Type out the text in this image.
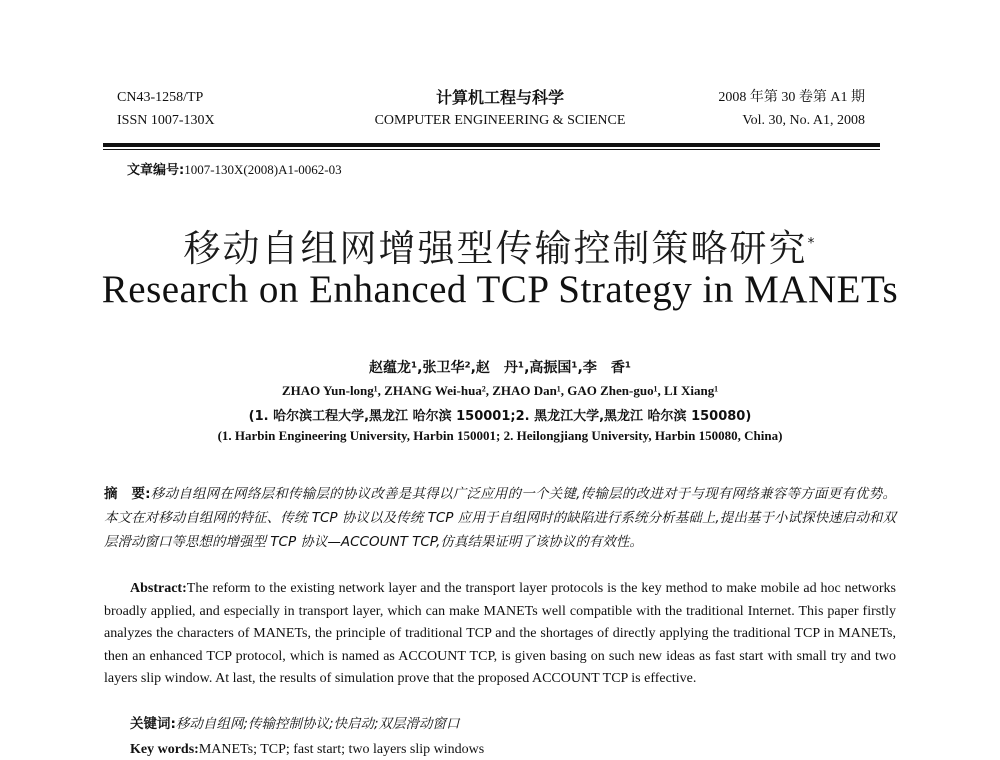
CN43-1258/TP
ISSN 1007-130X
计算机工程与科学
COMPUTER ENGINEERING & SCIENCE
2008 年第 30 卷第 A1 期
Vol. 30, No. A1, 2008
文章编号:1007-130X(2008)A1-0062-03
移动自组网增强型传输控制策略研究*
Research on Enhanced TCP Strategy in MANETs
赵蕴龙¹,张卫华²,赵　丹¹,高振国¹,李　香¹
ZHAO Yun-long¹, ZHANG Wei-hua², ZHAO Dan¹, GAO Zhen-guo¹, LI Xiang¹
(1. 哈尔滨工程大学,黑龙江 哈尔滨 150001;2. 黑龙江大学,黑龙江 哈尔滨 150080)
(1. Harbin Engineering University, Harbin 150001; 2. Heilongjiang University, Harbin 150080, China)
摘　要:移动自组网在网络层和传输层的协议改善是其得以广泛应用的一个关键,传输层的改进对于与现有网络兼容等方面更有优势。本文在对移动自组网的特征、传统 TCP 协议以及传统 TCP 应用于自组网时的缺陷进行系统分析基础上,提出基于小试探快速启动和双层滑动窗口等思想的增强型 TCP 协议—ACCOUNT TCP,仿真结果证明了该协议的有效性。
Abstract:The reform to the existing network layer and the transport layer protocols is the key method to make mobile ad hoc networks broadly applied, and especially in transport layer, which can make MANETs well compatible with the traditional Internet. This paper firstly analyzes the characters of MANETs, the principle of traditional TCP and the shortages of directly applying the traditional TCP in MANETs, then an enhanced TCP protocol, which is named as ACCOUNT TCP, is given basing on such new ideas as fast start with small try and two layers slip window. At last, the results of simulation prove that the proposed ACCOUNT TCP is effective.
关键词:移动自组网;传输控制协议;快启动;双层滑动窗口
Key words:MANETs; TCP; fast start; two layers slip windows
